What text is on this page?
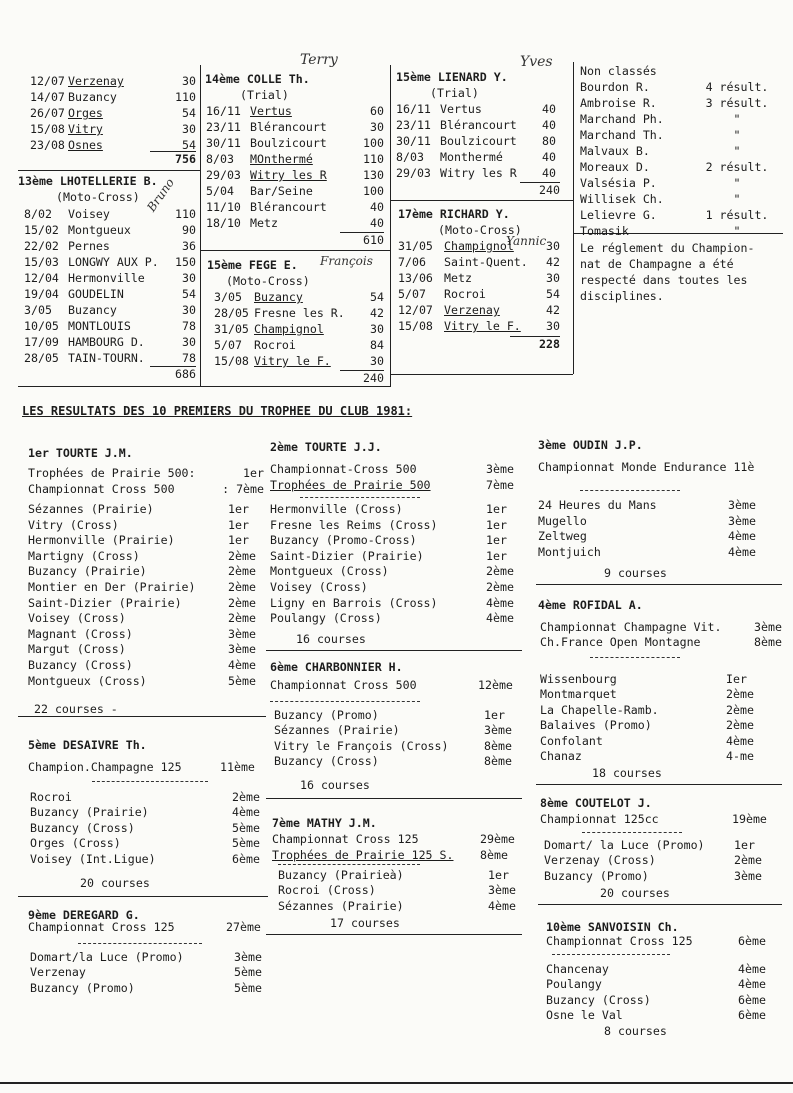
Terry	Yves
Bruno
Yannic
François
12/07 Verzenay	30
14/07 Buzancy	110
26/07 Orges	54
15/08 Vitry	30
23/08 Osnes	54
756
13ème LHOTELLERIE B.
(Moto-Cross)
8/02	Voisey	110
15/02 Montgueux	90
22/02 Pernes	36
15/03 LONGWY AUX P.	150
12/04 Hermonville	30
19/04 GOUDELIN	54
3/05	Buzancy	30
10/05 MONTLOUIS	78
17/09 HAMBOURG D.	30
28/05 TAIN-TOURN.	78
686
14ème COLLE Th.
(Trial)
16/11 Vertus	60
23/11 Blérancourt	30
30/11 Boulzicourt	100
8/03	MOnthermé	110
29/03 Witry les R	130
5/04	Bar/Seine	100
11/10 Blérancourt	40
18/10 Metz	40
610
15ème FEGE E.
(Moto-Cross)
3/05	Buzancy	54
28/05 Fresne les R.	42
31/05 Champignol	30
5/07	Rocroi	84
15/08 Vitry le F.	30
240
15ème LIENARD Y.
(Trial)
16/11 Vertus	40
23/11 Blérancourt	40
30/11 Boulzicourt	80
8/03	Monthermé	40
29/03 Witry les R	40
240
17ème RICHARD Y.
(Moto-Cross)
31/05 Champignol	30
7/06	Saint-Quent.	42
13/06 Metz	30
5/07	Rocroi	54
12/07 Verzenay	42
15/08 Vitry le F.	30
228
Non classés
Bourdon R.	4 résult.
Ambroise R.	3 résult.
Marchand Ph.	"
Marchand Th.	"
Malvaux B.	"
Moreaux D.	2 résult.
Valsésia P.	"
Willisek Ch.	"
Lelievre G.	1 résult.
Tomasik	"
Le réglement du Champion-
nat de Champagne a été
respecté dans toutes les
disciplines.
LES RESULTATS DES 10 PREMIERS DU TROPHEE DU CLUB 1981:
1er TOURTE J.M.
Trophées de Prairie 500:	1er
Championnat Cross 500	: 7ème
Sézannes (Prairie)	1er
Vitry (Cross)	1er
Hermonville (Prairie)	1er
Martigny (Cross)	2ème
Buzancy (Prairie)	2ème
Montier en Der (Prairie)	2ème
Saint-Dizier (Prairie)	2ème
Voisey (Cross)	2ème
Magnant (Cross)	3ème
Margut (Cross)	3ème
Buzancy (Cross)	4ème
Montgueux (Cross)	5ème
22 courses -
2ème TOURTE J.J.
Championnat-Cross 500	3ème
Trophées de Prairie 500	7ème
Hermonville (Cross)	1er
Fresne les Reims (Cross)	1er
Buzancy (Promo-Cross)	1er
Saint-Dizier (Prairie)	1er
Montgueux (Cross)	2ème
Voisey (Cross)	2ème
Ligny en Barrois (Cross)	4ème
Poulangy (Cross)	4ème
16 courses
3ème OUDIN J.P.
Championnat Monde Endurance 11è
24 Heures du Mans	3ème
Mugello	3ème
Zeltweg	4ème
Montjuich	4ème
9 courses
4ème ROFIDAL A.
Championnat Champagne Vit.	3ème
Ch.France Open Montagne	8ème
Wissenbourg	Ier
Montmarquet	2ème
La Chapelle-Ramb.	2ème
Balaives (Promo)	2ème
Confolant	4ème
Chanaz	4-me
18 courses
5ème DESAIVRE Th.
Champion.Champagne 125	11ème
Rocroi	2ème
Buzancy (Prairie)	4ème
Buzancy (Cross)	5ème
Orges (Cross)	5ème
Voisey (Int.Ligue)	6ème
20 courses
6ème CHARBONNIER H.
Championnat Cross 500	12ème
Buzancy (Promo)	1er
Sézannes (Prairie)	3ème
Vitry le François (Cross)	8ème
Buzancy (Cross)	8ème
16 courses
7ème MATHY J.M.
Championnat Cross 125	29ème
Trophées de Prairie 125 S.	8ème
Buzancy (Prairieà)	1er
Rocroi (Cross)	3ème
Sézannes (Prairie)	4ème
17 courses
8ème COUTELOT J.
Championnat 125cc	19ème
Domart/ la Luce (Promo)	1er
Verzenay (Cross)	2ème
Buzancy (Promo)	3ème
20 courses
9ème DEREGARD G.
Championnat Cross 125	27ème
Domart/la Luce (Promo)	3ème
Verzenay	5ème
Buzancy (Promo)	5ème
10ème SANVOISIN Ch.
Championnat Cross 125	6ème
Chancenay	4ème
Poulangy	4ème
Buzancy (Cross)	6ème
Osne le Val	6ème
8 courses
